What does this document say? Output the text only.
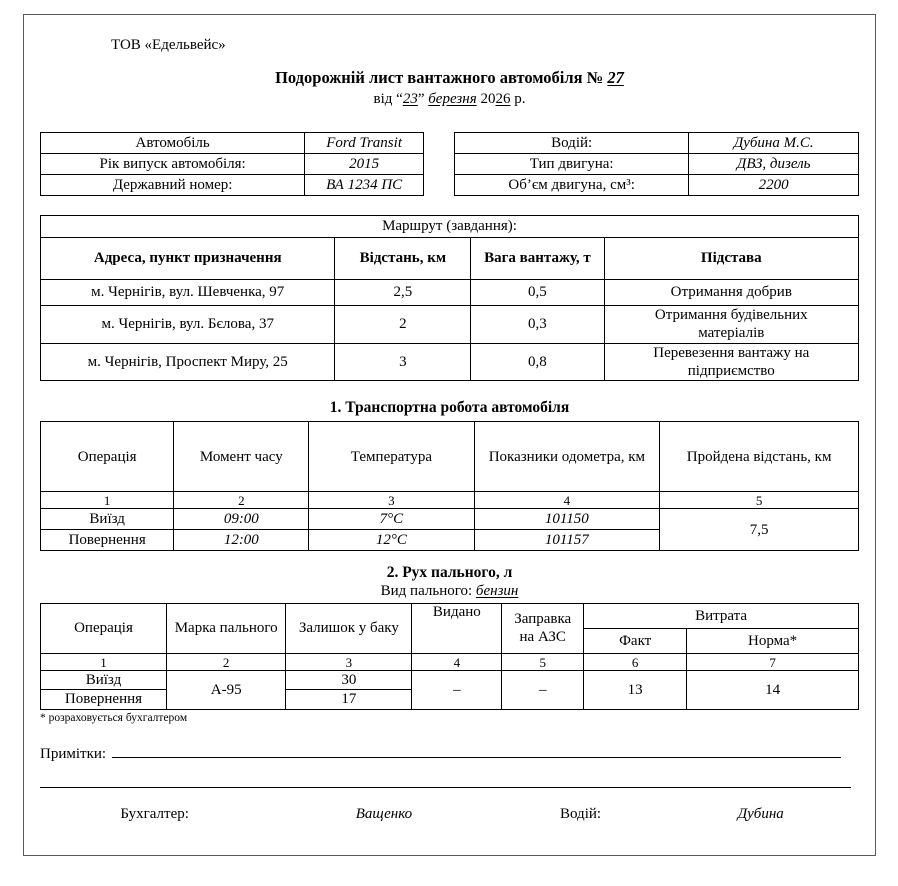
ТОВ «Едельвейс»
Подорожній лист вантажного автомобіля № 27
від “23” березня 2026 р.
Автомобіль	Ford Transit
Рік випуск автомобіля:	2015
Державний номер:	ВА 1234 ПС
Водій:	Дубина М.С.
Тип двигуна:	ДВЗ, дизель
Об’єм двигуна, см³:	2200
Маршрут (завдання):			
Адреса, пункт призначення	Відстань, км	Вага вантажу, т	Підстава
м. Чернігів, вул. Шевченка, 97	2,5	0,5	Отримання добрив
м. Чернігів, вул. Бєлова, 37	2	0,3	Отримання будівельних матеріалів
м. Чернігів, Проспект Миру, 25	3	0,8	Перевезення вантажу на підприємство
1. Транспортна робота автомобіля
Операція	Момент часу	Температура	Показники одометра, км	Пройдена відстань, км
1	2	3	4	5
Виїзд	09:00	7°С	101150	7,5
Повернення	12:00	12°С	101157	
2. Рух пального, л
Вид пального: бензин
Операція	Марка пального	Залишок у баку	Видано	Заправка на АЗС	Витрата	
					Факт	Норма*
1	2	3	4	5	6	7
Виїзд	А-95	30	–	–	13	14
Повернення		17				
* розраховується бухгалтером
Примітки:
Бухгалтер:	Ващенко	Водій:	Дубина
